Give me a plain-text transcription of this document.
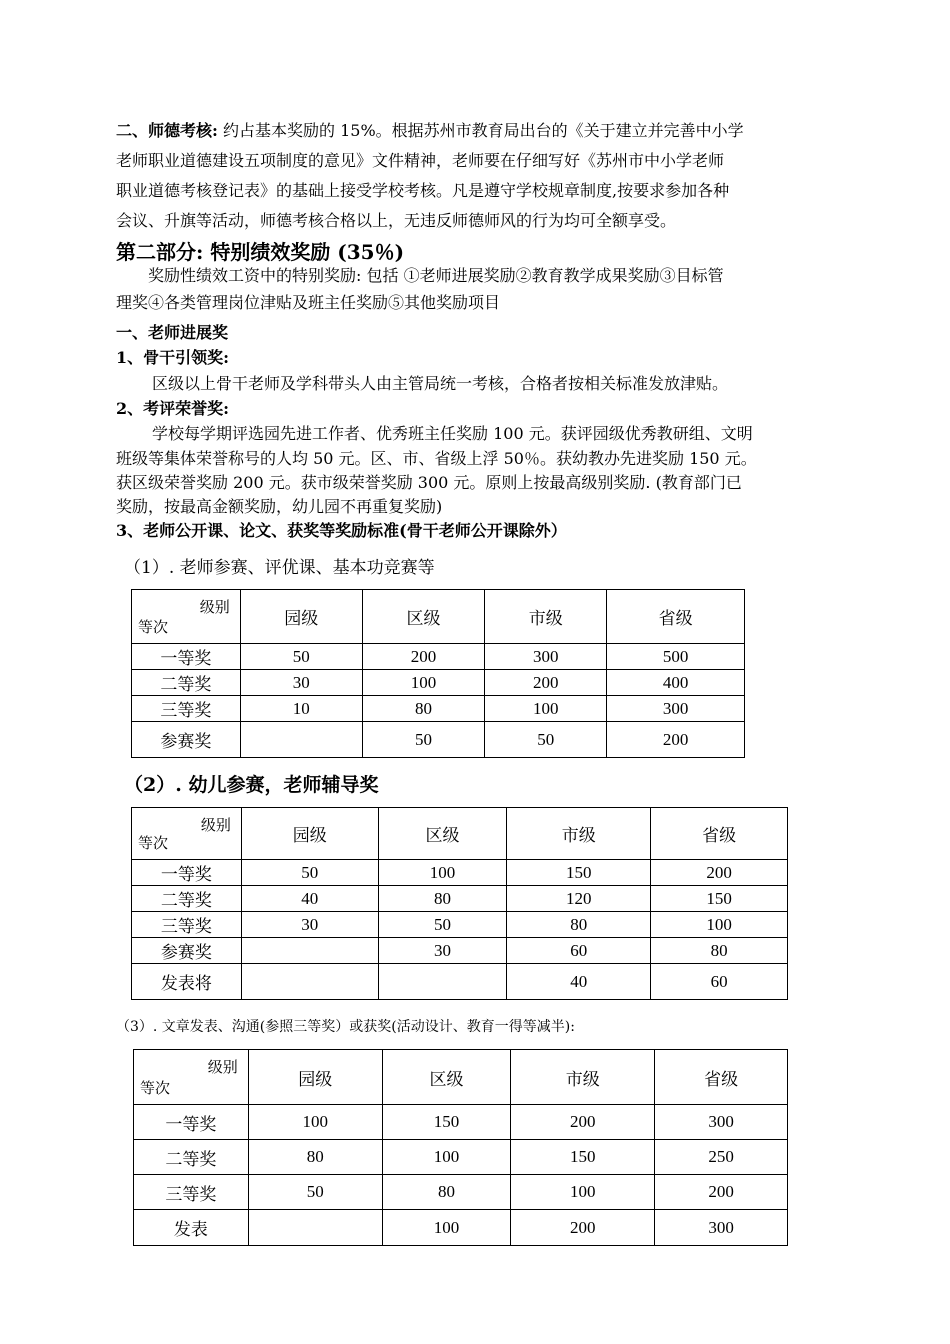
二、师德考核: 约占基本奖励的 15%。根据苏州市教育局出台的《关于建立并完善中小学
老师职业道德建设五项制度的意见》文件精神，老师要在仔细写好《苏州市中小学老师
职业道德考核登记表》的基础上接受学校考核。凡是遵守学校规章制度,按要求参加各种
会议、升旗等活动，师德考核合格以上，无违反师德师风的行为均可全额享受。
第二部分: 特别绩效奖励 (35％)
奖励性绩效工资中的特别奖励: 包括 ①老师进展奖励②教育教学成果奖励③目标管
理奖④各类管理岗位津贴及班主任奖励⑤其他奖励项目
一、老师进展奖
1、骨干引领奖:
区级以上骨干老师及学科带头人由主管局统一考核，合格者按相关标准发放津贴。
2、考评荣誉奖:
学校每学期评选园先进工作者、优秀班主任奖励 100 元。获评园级优秀教研组、文明
班级等集体荣誉称号的人均 50 元。区、市、省级上浮 50％。获幼教办先进奖励 150 元。
获区级荣誉奖励 200 元。获市级荣誉奖励 300 元。原则上按最高级别奖励. (教育部门已
奖励，按最高金额奖励，幼儿园不再重复奖励)
3、老师公开课、论文、获奖等奖励标准(骨干老师公开课除外）
（1）. 老师参赛、评优课、基本功竞赛等
级别
等次	园级	区级	市级	省级
一等奖	50	200	300	500
二等奖	30	100	200	400
三等奖	10	80	100	300
参赛奖		50	50	200
（2）. 幼儿参赛，老师辅导奖
级别
等次	园级	区级	市级	省级
一等奖	50	100	150	200
二等奖	40	80	120	150
三等奖	30	50	80	100
参赛奖		30	60	80
发表将			40	60
（3）. 文章发表、沟通(参照三等奖）或获奖(活动设计、教育一得等减半):
级别
等次	园级	区级	市级	省级
一等奖	100	150	200	300
二等奖	80	100	150	250
三等奖	50	80	100	200
发表		100	200	300
